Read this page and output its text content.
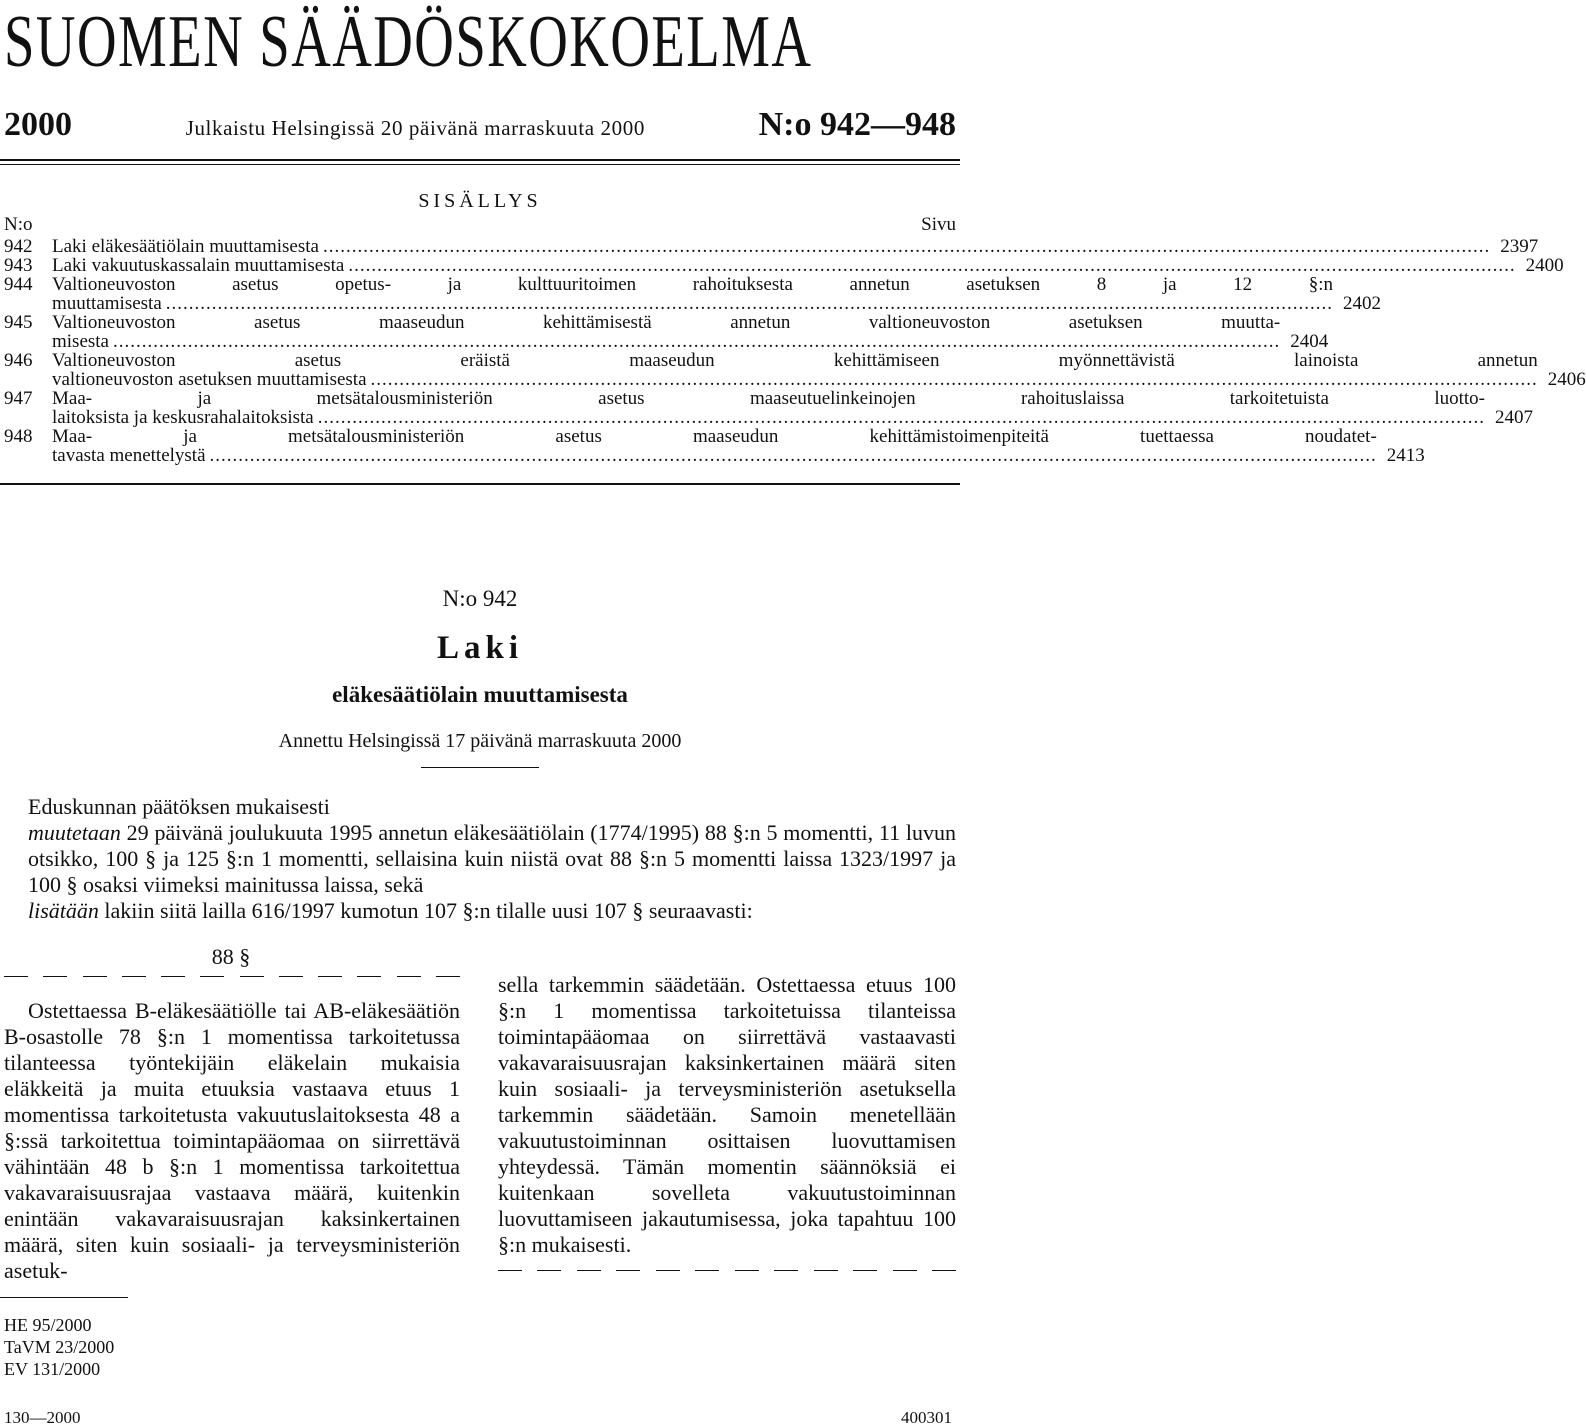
SUOMEN SÄÄDÖSKOKOELMA
2000	Julkaistu Helsingissä 20 päivänä marraskuuta 2000	N:o 942—948
SISÄLLYS
N:o	Sivu
942	Laki eläkesäätiölain muuttamisesta .....	2397
943	Laki vakuutuskassalain muuttamisesta .....	2400
944	Valtioneuvoston asetus opetus- ja kulttuuritoimen rahoituksesta annetun asetuksen 8 ja 12 §:n
muuttamisesta .....	2402
945	Valtioneuvoston asetus maaseudun kehittämisestä annetun valtioneuvoston asetuksen muutta-
misesta .....	2404
946	Valtioneuvoston asetus eräistä maaseudun kehittämiseen myönnettävistä lainoista annetun
valtioneuvoston asetuksen muuttamisesta .....	2406
947	Maa- ja metsätalousministeriön asetus maaseutuelinkeinojen rahoituslaissa tarkoitetuista luotto-
laitoksista ja keskusrahalaitoksista .....	2407
948	Maa- ja metsätalousministeriön asetus maaseudun kehittämistoimenpiteitä tuettaessa noudatet-
tavasta menettelystä .....	2413
N:o 942
Laki
eläkesäätiölain muuttamisesta
Annettu Helsingissä 17 päivänä marraskuuta 2000

Eduskunnan päätöksen mukaisesti

muutetaan 29 päivänä joulukuuta 1995 annetun eläkesäätiölain (1774/1995) 88 §:n 5 momentti, 11 luvun otsikko, 100 § ja 125 §:n 1 momentti, sellaisina kuin niistä ovat 88 §:n 5 momentti laissa 1323/1997 ja 100 § osaksi viimeksi mainitussa laissa, sekä

lisätään lakiin siitä lailla 616/1997 kumotun 107 §:n tilalle uusi 107 § seuraavasti:

88 §

Ostettaessa B-eläkesäätiölle tai AB-eläkesäätiön B-osastolle 78 §:n 1 momentissa tarkoitetussa tilanteessa työntekijäin eläkelain mukaisia eläkkeitä ja muita etuuksia vastaava etuus 1 momentissa tarkoitetusta vakuutuslaitoksesta 48 a §:ssä tarkoitettua toimintapääomaa on siirrettävä vähintään 48 b §:n 1 momentissa tarkoitettua vakavaraisuusrajaa vastaava määrä, kuitenkin enintään vakavaraisuusrajan kaksinkertainen määrä, siten kuin sosiaali- ja terveysministeriön asetuk-

sella tarkemmin säädetään. Ostettaessa etuus 100 §:n 1 momentissa tarkoitetuissa tilanteissa toimintapääomaa on siirrettävä vastaavasti vakavaraisuusrajan kaksinkertainen määrä siten kuin sosiaali- ja terveysministeriön asetuksella tarkemmin säädetään. Samoin menetellään vakuutustoiminnan osittaisen luovuttamisen yhteydessä. Tämän momentin säännöksiä ei kuitenkaan sovelleta vakuutustoiminnan luovuttamiseen jakautumisessa, joka tapahtuu 100 §:n mukaisesti.

HE 95/2000
TaVM 23/2000
EV 131/2000
130—2000	400301
